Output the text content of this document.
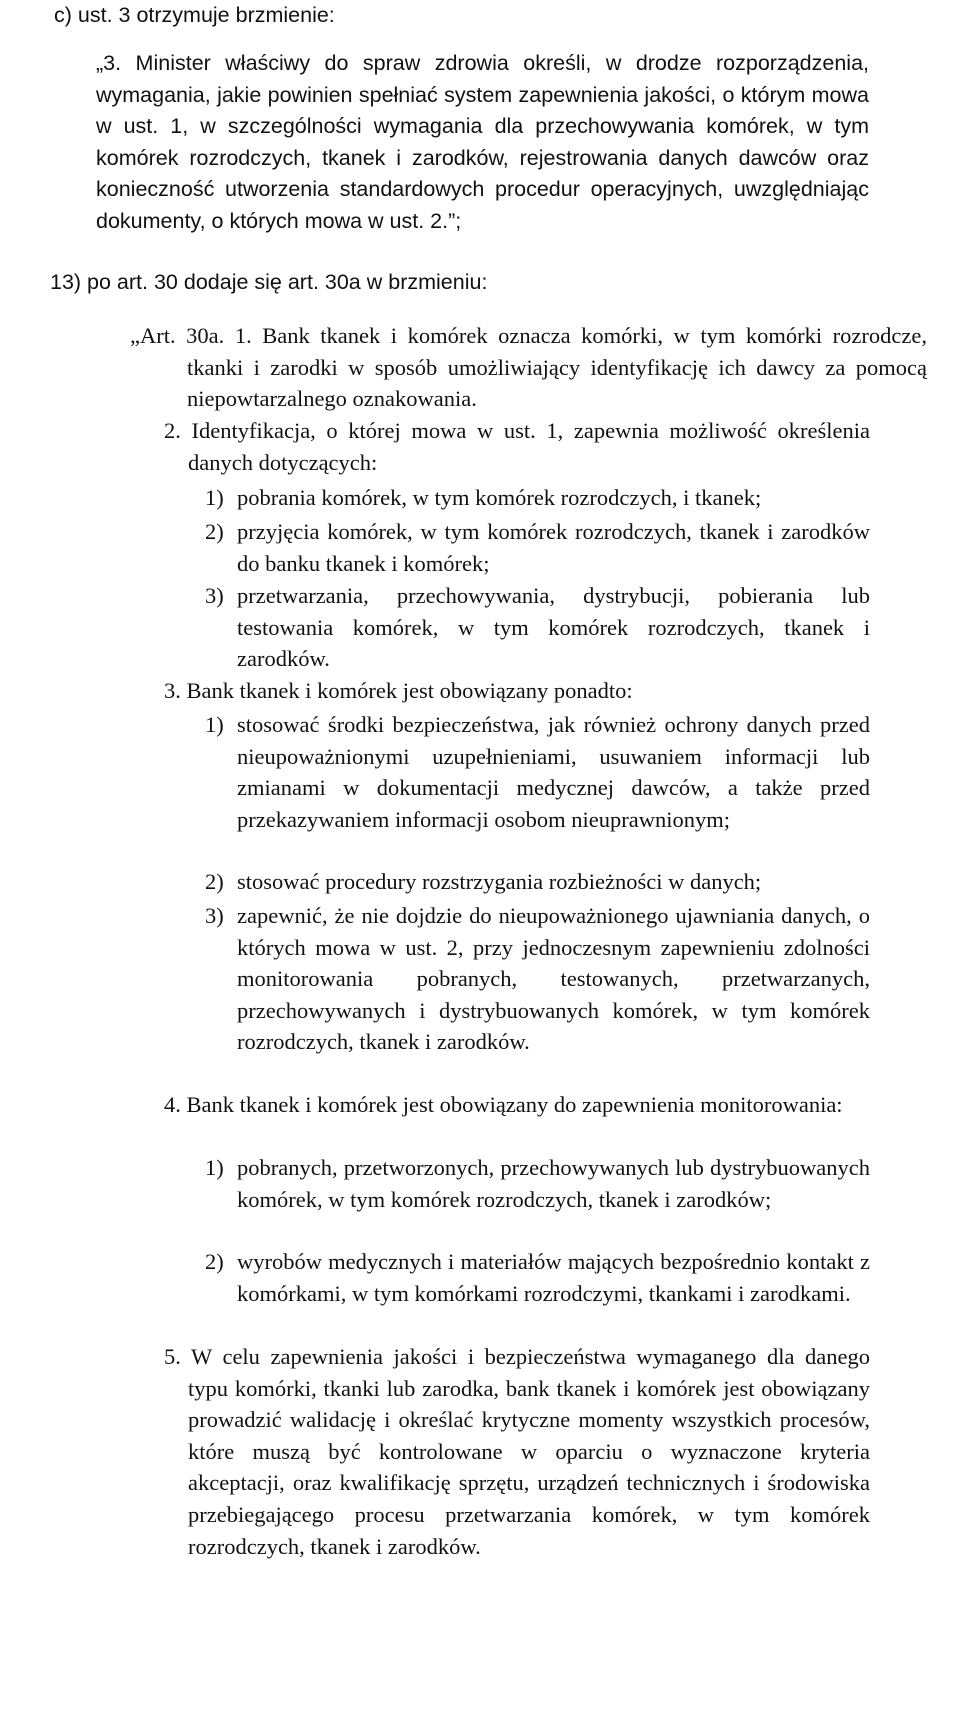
c) ust. 3 otrzymuje brzmienie:

„3. Minister właściwy do spraw zdrowia określi, w drodze rozporządzenia, wymagania, jakie powinien spełniać system zapewnienia jakości, o którym mowa w ust. 1, w szczególności wymagania dla przechowywania komórek, w tym komórek rozrodczych, tkanek i zarodków, rejestrowania danych dawców oraz konieczność utworzenia standardowych procedur operacyjnych, uwzględniając dokumenty, o których mowa w ust. 2.”;

13) po art. 30 dodaje się art. 30a w brzmieniu:

„Art. 30a. 1. Bank tkanek i komórek oznacza komórki, w tym komórki rozrodcze, tkanki i zarodki w sposób umożliwiający identyfikację ich dawcy za pomocą niepowtarzalnego oznakowania.

2. Identyfikacja, o której mowa w ust. 1, zapewnia możliwość określenia danych dotyczących:

1) pobrania komórek, w tym komórek rozrodczych, i tkanek;
2) przyjęcia komórek, w tym komórek rozrodczych, tkanek i zarodków do banku tkanek i komórek;
3) przetwarzania, przechowywania, dystrybucji, pobierania lub testowania komórek, w tym komórek rozrodczych, tkanek i zarodków.

3. Bank tkanek i komórek jest obowiązany ponadto:

1) stosować środki bezpieczeństwa, jak również ochrony danych przed nieupoważnionymi uzupełnieniami, usuwaniem informacji lub zmianami w dokumentacji medycznej dawców, a także przed przekazywaniem informacji osobom nieuprawnionym;
2) stosować procedury rozstrzygania rozbieżności w danych;
3) zapewnić, że nie dojdzie do nieupoważnionego ujawniania danych, o których mowa w ust. 2, przy jednoczesnym zapewnieniu zdolności monitorowania pobranych, testowanych, przetwarzanych, przechowywanych i dystrybuowanych komórek, w tym komórek rozrodczych, tkanek i zarodków.

4. Bank tkanek i komórek jest obowiązany do zapewnienia monitorowania:

1) pobranych, przetworzonych, przechowywanych lub dystrybuowanych komórek, w tym komórek rozrodczych, tkanek i zarodków;
2) wyrobów medycznych i materiałów mających bezpośrednio kontakt z komórkami, w tym komórkami rozrodczymi, tkankami i zarodkami.

5. W celu zapewnienia jakości i bezpieczeństwa wymaganego dla danego typu komórki, tkanki lub zarodka, bank tkanek i komórek jest obowiązany prowadzić walidację i określać krytyczne momenty wszystkich procesów, które muszą być kontrolowane w oparciu o wyznaczone kryteria akceptacji, oraz kwalifikację sprzętu, urządzeń technicznych i środowiska przebiegającego procesu przetwarzania komórek, w tym komórek rozrodczych, tkanek i zarodków.
